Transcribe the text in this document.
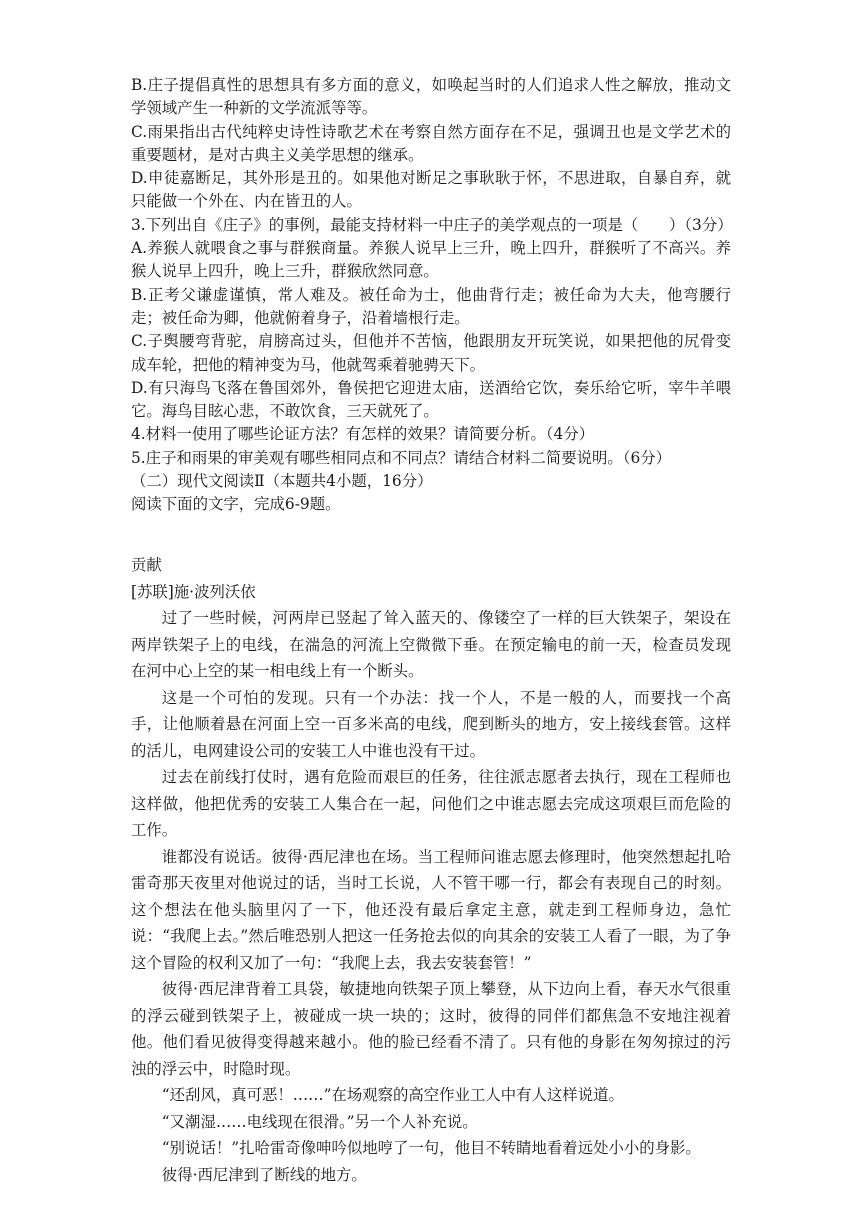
B.庄子提倡真性的思想具有多方面的意义，如唤起当时的人们追求人性之解放，推动文学领域产生一种新的文学流派等等。

C.雨果指出古代纯粹史诗性诗歌艺术在考察自然方面存在不足，强调丑也是文学艺术的重要题材，是对古典主义美学思想的继承。

D.申徒嘉断足，其外形是丑的。如果他对断足之事耿耿于怀，不思进取，自暴自弃，就只能做一个外在、内在皆丑的人。

3.下列出自《庄子》的事例，最能支持材料一中庄子的美学观点的一项是（　　）（3分）

A.养猴人就喂食之事与群猴商量。养猴人说早上三升，晚上四升，群猴听了不高兴。养猴人说早上四升，晚上三升，群猴欣然同意。

B.正考父谦虚谨慎，常人难及。被任命为士，他曲背行走；被任命为大夫，他弯腰行走；被任命为卿，他就俯着身子，沿着墙根行走。

C.子舆腰弯背驼，肩膀高过头，但他并不苦恼，他跟朋友开玩笑说，如果把他的尻骨变成车轮，把他的精神变为马，他就驾乘着驰骋天下。

D.有只海鸟飞落在鲁国郊外，鲁侯把它迎进太庙，送酒给它饮，奏乐给它听，宰牛羊喂它。海鸟目眩心悲，不敢饮食，三天就死了。

4.材料一使用了哪些论证方法？有怎样的效果？请简要分析。（4分）

5.庄子和雨果的审美观有哪些相同点和不同点？请结合材料二简要说明。（6分）

（二）现代文阅读Ⅱ（本题共4小题，16分）

阅读下面的文字，完成6-9题。

贡献

[苏联]施·波列沃依

过了一些时候，河两岸已竖起了耸入蓝天的、像镂空了一样的巨大铁架子，架设在两岸铁架子上的电线，在湍急的河流上空微微下垂。在预定输电的前一天，检查员发现在河中心上空的某一相电线上有一个断头。

这是一个可怕的发现。只有一个办法：找一个人，不是一般的人，而要找一个高手，让他顺着悬在河面上空一百多米高的电线，爬到断头的地方，安上接线套管。这样的活儿，电网建设公司的安装工人中谁也没有干过。

过去在前线打仗时，遇有危险而艰巨的任务，往往派志愿者去执行，现在工程师也这样做，他把优秀的安装工人集合在一起，问他们之中谁志愿去完成这项艰巨而危险的工作。

谁都没有说话。彼得·西尼津也在场。当工程师问谁志愿去修理时，他突然想起扎哈雷奇那天夜里对他说过的话，当时工长说，人不管干哪一行，都会有表现自己的时刻。这个想法在他头脑里闪了一下，他还没有最后拿定主意，就走到工程师身边，急忙说：“我爬上去。”然后唯恐别人把这一任务抢去似的向其余的安装工人看了一眼，为了争这个冒险的权利又加了一句：“我爬上去，我去安装套管！”

彼得·西尼津背着工具袋，敏捷地向铁架子顶上攀登，从下边向上看，春天水气很重的浮云碰到铁架子上，被碰成一块一块的；这时，彼得的同伴们都焦急不安地注视着他。他们看见彼得变得越来越小。他的脸已经看不清了。只有他的身影在匆匆掠过的污浊的浮云中，时隐时现。

“还刮风，真可恶！……”在场观察的高空作业工人中有人这样说道。

“又潮湿……电线现在很滑。”另一个人补充说。

“别说话！”扎哈雷奇像呻吟似地哼了一句，他目不转睛地看着远处小小的身影。

彼得·西尼津到了断线的地方。
